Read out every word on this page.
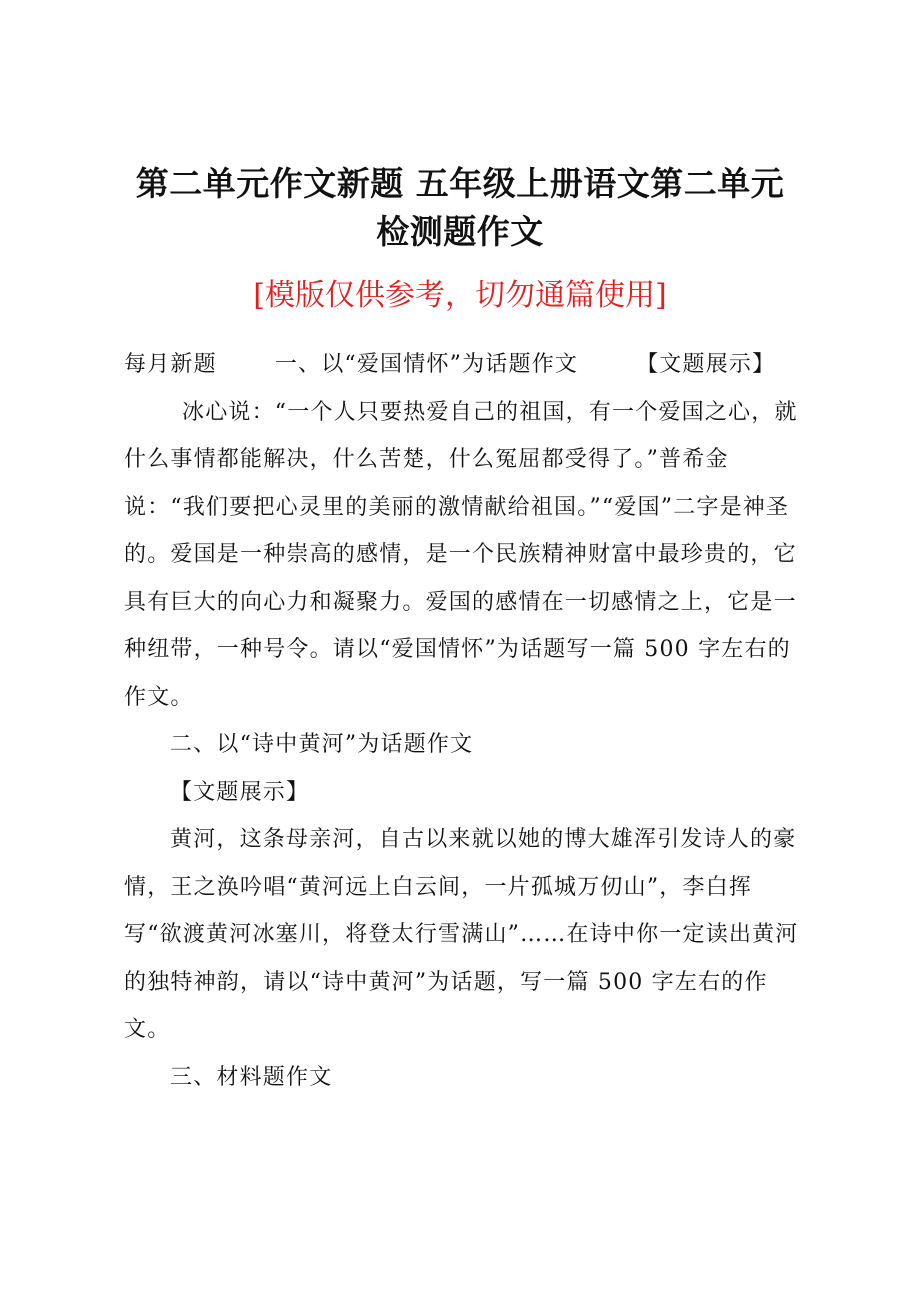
第二单元作文新题 五年级上册语文第二单元
检测题作文
[模版仅供参考，切勿通篇使用]

每月新题	一、以“爱国情怀”为话题作文	【文题展示】冰心说：“一个人只要热爱自己的祖国，有一个爱国之心，就什么事情都能解决，什么苦楚，什么冤屈都受得了。”普希金说：“我们要把心灵里的美丽的激情献给祖国。”“爱国”二字是神圣的。爱国是一种崇高的感情，是一个民族精神财富中最珍贵的，它具有巨大的向心力和凝聚力。爱国的感情在一切感情之上，它是一种纽带，一种号令。请以“爱国情怀”为话题写一篇 500 字左右的作文。

二、以“诗中黄河”为话题作文

【文题展示】

黄河，这条母亲河，自古以来就以她的博大雄浑引发诗人的豪情，王之涣吟唱“黄河远上白云间，一片孤城万仞山”，李白挥写“欲渡黄河冰塞川，将登太行雪满山”……在诗中你一定读出黄河的独特神韵，请以“诗中黄河”为话题，写一篇 500 字左右的作文。

三、材料题作文
